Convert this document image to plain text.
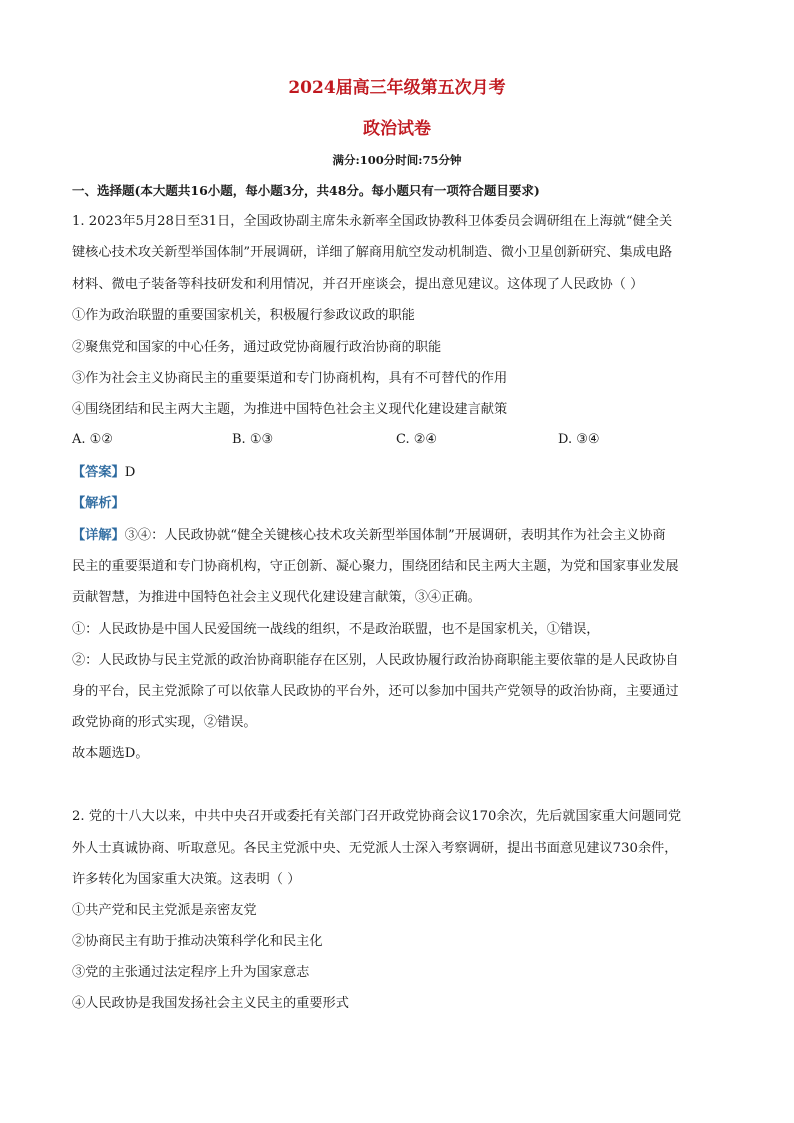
2024届高三年级第五次月考
政治试卷
满分:100分时间:75分钟
一、选择题(本大题共16小题，每小题3分，共48分。每小题只有一项符合题目要求)
1. 2023年5月28日至31日，全国政协副主席朱永新率全国政协教科卫体委员会调研组在上海就“健全关
键核心技术攻关新型举国体制”开展调研，详细了解商用航空发动机制造、微小卫星创新研究、集成电路
材料、微电子装备等科技研发和利用情况，并召开座谈会，提出意见建议。这体现了人民政协（ ）
①作为政治联盟的重要国家机关，积极履行参政议政的职能
②聚焦党和国家的中心任务，通过政党协商履行政治协商的职能
③作为社会主义协商民主的重要渠道和专门协商机构，具有不可替代的作用
④围绕团结和民主两大主题，为推进中国特色社会主义现代化建设建言献策
A. ①②	B. ①③	C. ②④	D. ③④
【答案】D
【解析】
【详解】③④：人民政协就“健全关键核心技术攻关新型举国体制”开展调研，表明其作为社会主义协商
民主的重要渠道和专门协商机构，守正创新、凝心聚力，围绕团结和民主两大主题，为党和国家事业发展
贡献智慧，为推进中国特色社会主义现代化建设建言献策，③④正确。
①：人民政协是中国人民爱国统一战线的组织，不是政治联盟，也不是国家机关，①错误，
②：人民政协与民主党派的政治协商职能存在区别，人民政协履行政治协商职能主要依靠的是人民政协自
身的平台，民主党派除了可以依靠人民政协的平台外，还可以参加中国共产党领导的政治协商，主要通过
政党协商的形式实现，②错误。
故本题选D。
2. 党的十八大以来，中共中央召开或委托有关部门召开政党协商会议170余次，先后就国家重大问题同党
外人士真诚协商、听取意见。各民主党派中央、无党派人士深入考察调研，提出书面意见建议730余件，
许多转化为国家重大决策。这表明（ ）
①共产党和民主党派是亲密友党
②协商民主有助于推动决策科学化和民主化
③党的主张通过法定程序上升为国家意志
④人民政协是我国发扬社会主义民主的重要形式
